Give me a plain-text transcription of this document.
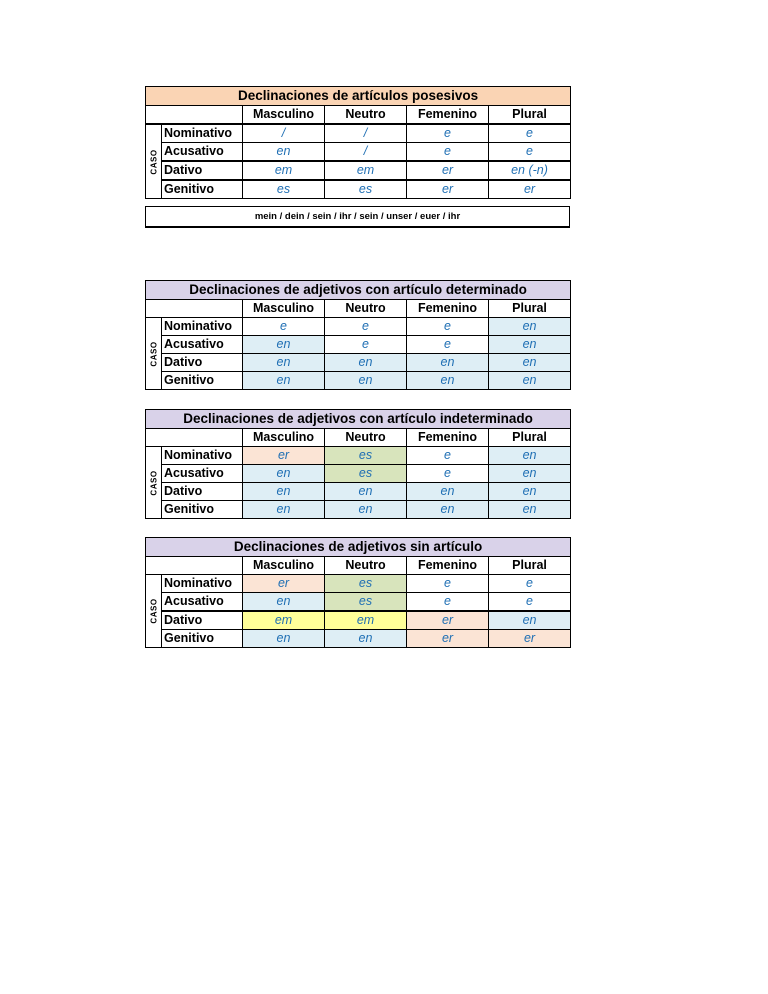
Declinaciones de artículos posesivos					
		Masculino	Neutro	Femenino	Plural

CASO	Nominativo	/	/	e	e
	Acusativo	en	/	e	e
	Dativo	em	em	er	en (-n)
	Genitivo	es	es	er	er
mein / dein / sein / ihr / sein / unser / euer / ihr
Declinaciones de adjetivos con artículo determinado					
		Masculino	Neutro	Femenino	Plural

CASO	Nominativo	e	e	e	en
	Acusativo	en	e	e	en
	Dativo	en	en	en	en
	Genitivo	en	en	en	en
Declinaciones de adjetivos con artículo indeterminado					
		Masculino	Neutro	Femenino	Plural

CASO	Nominativo	er	es	e	en
	Acusativo	en	es	e	en
	Dativo	en	en	en	en
	Genitivo	en	en	en	en
Declinaciones de adjetivos sin artículo					
		Masculino	Neutro	Femenino	Plural

CASO	Nominativo	er	es	e	e
	Acusativo	en	es	e	e
	Dativo	em	em	er	en
	Genitivo	en	en	er	er
